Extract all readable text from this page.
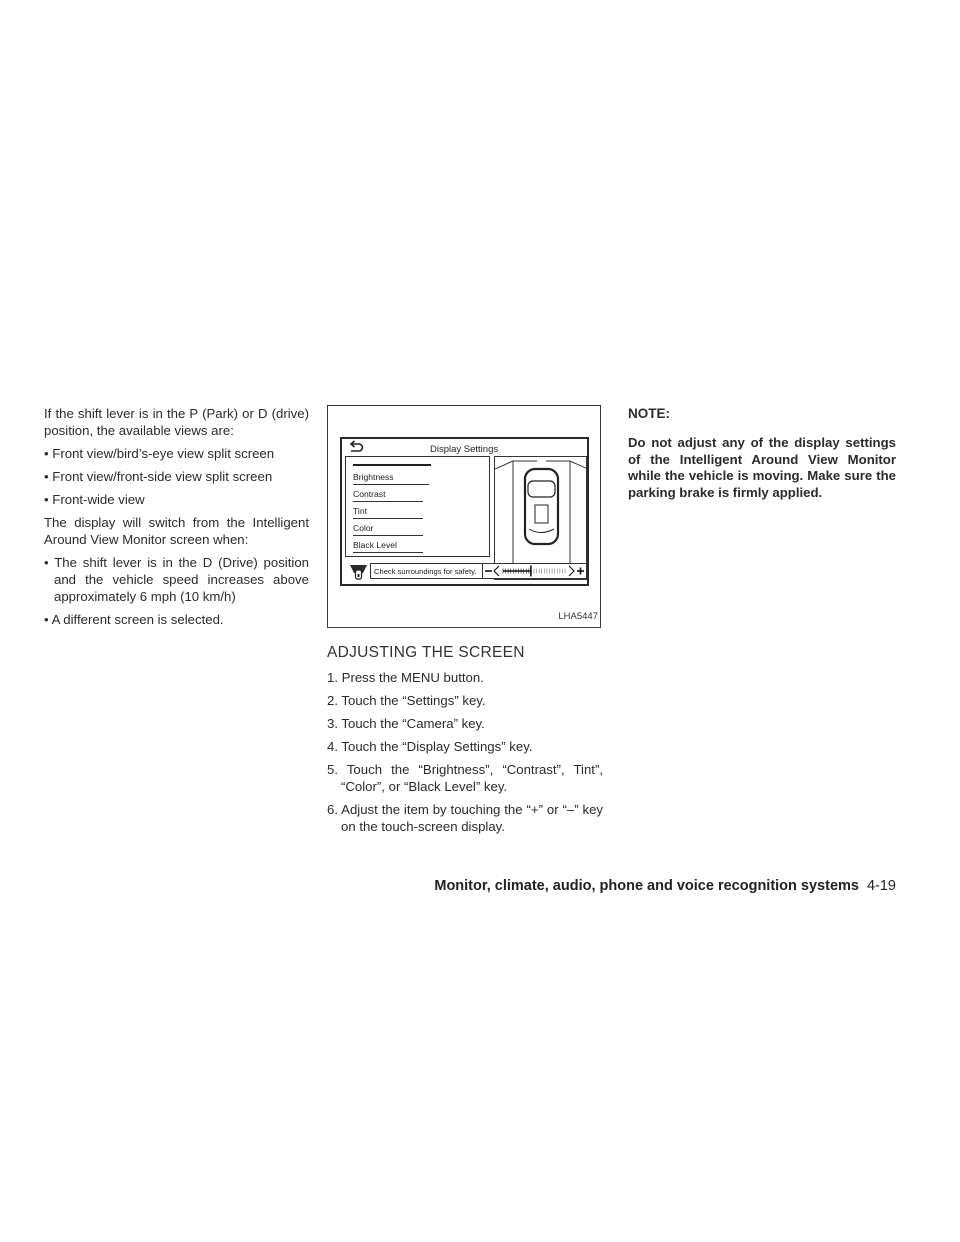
If the shift lever is in the P (Park) or D (drive) position, the available views are:

• Front view/bird’s-eye view split screen

• Front view/front-side view split screen

• Front-wide view

The display will switch from the Intelligent Around View Monitor screen when:

• The shift lever is in the D (Drive) position and the vehicle speed increases above approximately 6 mph (10 km/h)

• A different screen is selected.

Display Settings
Brightness
Contrast
Tint
Color
Black Level
Check surroundings for safety.
LHA5447
ADJUSTING THE SCREEN

1. Press the MENU button.

2. Touch the “Settings” key.

3. Touch the “Camera” key.

4. Touch the “Display Settings” key.

5. Touch the “Brightness”, “Contrast”, Tint”, “Color”, or “Black Level” key.

6. Adjust the item by touching the “+” or “–” key on the touch-screen display.

NOTE:

Do not adjust any of the display settings of the Intelligent Around View Monitor while the vehicle is moving. Make sure the parking brake is firmly applied.

Monitor, climate, audio, phone and voice recognition systems 4-19
